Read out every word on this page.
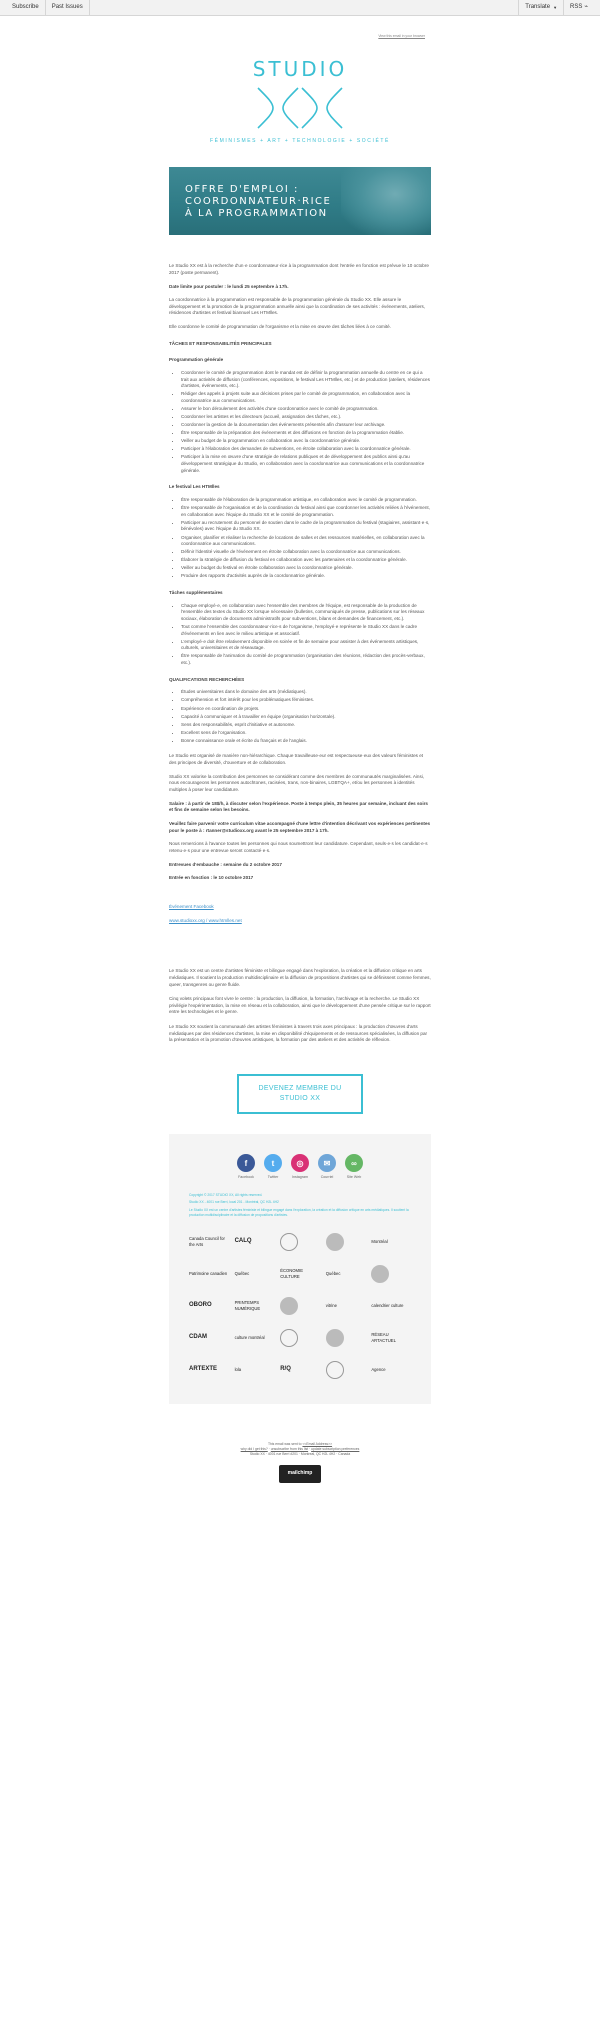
Subscribe	Past Issues	Translate ▼ RSS ⌁
View this email in your browser
STUDIO
FÉMINISMES + ART + TECHNOLOGIE + SOCIÉTÉ
OFFRE D'EMPLOI :
COORDONNATEUR·RICE
À LA PROGRAMMATION

Le Studio XX est à la recherche d'un·e coordonnateur·rice à la programmation dont l'entrée en fonction est prévue le 10 octobre 2017 (poste permanent).

Date limite pour postuler : le lundi 25 septembre à 17h.

La coordonnatrice à la programmation est responsable de la programmation générale du Studio XX. Elle assure le développement et la promotion de la programmation annuelle ainsi que la coordination de ses activités : événements, ateliers, résidences d'artistes et festival biannuel Les HTMlles.

Elle coordonne le comité de programmation de l'organisme et la mise en œuvre des tâches liées à ce comité.

TÂCHES ET RESPONSABILITÉS PRINCIPALES
Programmation générale
• Coordonner le comité de programmation dont le mandat est de définir la programmation annuelle du centre en ce qui a trait aux activités de diffusion (conférences, expositions, le festival Les HTMlles, etc.) et de production (ateliers, résidences d'artistes, événements, etc.).
• Rédiger des appels à projets suite aux décisions prises par le comité de programmation, en collaboration avec la coordonnatrice aux communications.
• Assurer le bon déroulement des activités d'une coordonnatrice avec le comité de programmation.
• Coordonner les artistes et les directeurs (accueil, assignation des tâches, etc.).
• Coordonner la gestion de la documentation des événements présentés afin d'assurer leur archivage.
• Être responsable de la préparation des événements et des diffusions en fonction de la programmation établie.
• Veiller au budget de la programmation en collaboration avec la coordonnatrice générale.
• Participer à l'élaboration des demandes de subventions, en étroite collaboration avec la coordonnatrice générale.
• Participer à la mise en œuvre d'une stratégie de relations publiques et de développement des publics ainsi qu'au développement stratégique du Studio, en collaboration avec la coordonnatrice aux communications et la coordonnatrice générale.
Le festival Les HTMlles
• Être responsable de l'élaboration de la programmation artistique, en collaboration avec le comité de programmation.
• Être responsable de l'organisation et de la coordination du festival ainsi que coordonner les activités reliées à l'événement, en collaboration avec l'équipe du Studio XX et le comité de programmation.
• Participer au recrutement du personnel de soutien dans le cadre de la programmation du festival (stagiaires, assistant·e·s, bénévoles) avec l'équipe du Studio XX.
• Organiser, planifier et réaliser la recherche de locations de salles et des ressources matérielles, en collaboration avec la coordonnatrice aux communications.
• Définir l'identité visuelle de l'événement en étroite collaboration avec la coordonnatrice aux communications.
• Élaborer la stratégie de diffusion du festival en collaboration avec les partenaires et la coordonnatrice générale.
• Veiller au budget du festival en étroite collaboration avec la coordonnatrice générale.
• Produire des rapports d'activités auprès de la coordonnatrice générale.
Tâches supplémentaires
• Chaque employé·e, en collaboration avec l'ensemble des membres de l'équipe, est responsable de la production de l'ensemble des textes du Studio XX lorsque nécessaire (bulletins, communiqués de presse, publications sur les réseaux sociaux, élaboration de documents administratifs pour subventions, bilans et demandes de financement, etc.).
• Tout comme l'ensemble des coordonnateur·rice·s de l'organisme, l'employé·e représente le Studio XX dans le cadre d'événements en lien avec le milieu artistique et associatif.
• L'employé·e doit être relativement disponible en soirée et fin de semaine pour assister à des événements artistiques, culturels, universitaires et de réseautage.
• Être responsable de l'animation du comité de programmation (organisation des réunions, rédaction des procès-verbaux, etc.).
QUALIFICATIONS RECHERCHÉES
• Études universitaires dans le domaine des arts (médiatiques).
• Compréhension et fort intérêt pour les problématiques féministes.
• Expérience en coordination de projets.
• Capacité à communiquer et à travailler en équipe (organisation horizontale).
• Sens des responsabilités, esprit d'initiative et autonome.
• Excellent sens de l'organisation.
• Bonne connaissance orale et écrite du français et de l'anglais.

Le Studio est organisé de manière non-hiérarchique. Chaque travailleuse·eur est respectueuse·eux des valeurs féministes et des principes de diversité, d'ouverture et de collaboration.

Studio XX valorise la contribution des personnes se considérant comme des membres de communautés marginalisées. Ainsi, nous encourageons les personnes autochtones, racisées, trans, non-binaires, LGBTQA+, et/ou les personnes à identités multiples à poser leur candidature.

Salaire : à partir de 18$/h, à discuter selon l'expérience. Poste à temps plein, 35 heures par semaine, incluant des soirs et fins de semaine selon les besoins.

Veuillez faire parvenir votre curriculum vitae accompagné d'une lettre d'intention décrivant vos expériences pertinentes pour le poste à : rtanner@studioxx.org avant le 25 septembre 2017 à 17h.

Nous remercions à l'avance toutes les personnes qui nous soumettront leur candidature. Cependant, seuls·e·s les candidat·e·s retenu·e·s pour une entrevue seront contacté·e·s.

Entrevues d'embauche : semaine du 2 octobre 2017

Entrée en fonction : le 10 octobre 2017

Événement Facebook

www.studioxx.org / www.htmlles.net

Le Studio XX est un centre d'artistes féministe et bilingue engagé dans l'exploration, la création et la diffusion critique en arts médiatiques. Il soutient la production multidisciplinaire et la diffusion de propositions d'artistes qui se définissent comme femmes, queer, transgenres ou genre fluide.

Cinq volets principaux font vivre le centre : la production, la diffusion, la formation, l'archivage et la recherche. Le Studio XX privilégie l'expérimentation, la mise en réseau et la collaboration, ainsi que le développement d'une pensée critique sur le rapport entre les technologies et le genre.

Le Studio XX soutient la communauté des artistes féministes à travers trois axes principaux : la production d'œuvres d'arts médiatiques par des résidences d'artistes, la mise en disponibilité d'équipements et de ressources spécialisées, la diffusion par la présentation et la promotion d'œuvres artistiques, la formation par des ateliers et des activités de réflexion.

DEVENEZ MEMBRE DU STUDIO XX
f
Facebook
t
Twitter
◎
Instagram
✉
Courriel
∞
Site Web

Copyright © 2017 STUDIO XX, All rights reserved.

Studio XX - 4001 rue Berri, local 201 - Montréal, QC H2L 4H2

Le Studio XX est un centre d'artistes féministe et bilingue engagé dans l'exploration, la création et la diffusion critique en arts médiatiques. Il soutient la production multidisciplinaire et la diffusion de propositions d'artistes.

Canada Council for the Arts	CALQ	Montréal
Patrimoine canadien Québec
ÉCONOMIE CULTURE
Québec
OBORO
PRINTEMPS NUMÉRIQUE
vitrine	calendrier culture
CDAM	culture montréal
RÉSEAU ARTACTUEL
ARTEXTE	lola	R/Q	Agence
This email was sent to <<Email Address>>
why did I get this? · unsubscribe from this list · update subscription preferences
Studio XX · 4001 rue Berri #201 · Montreal, QC H2L 4H2 · Canada
mailchimp
